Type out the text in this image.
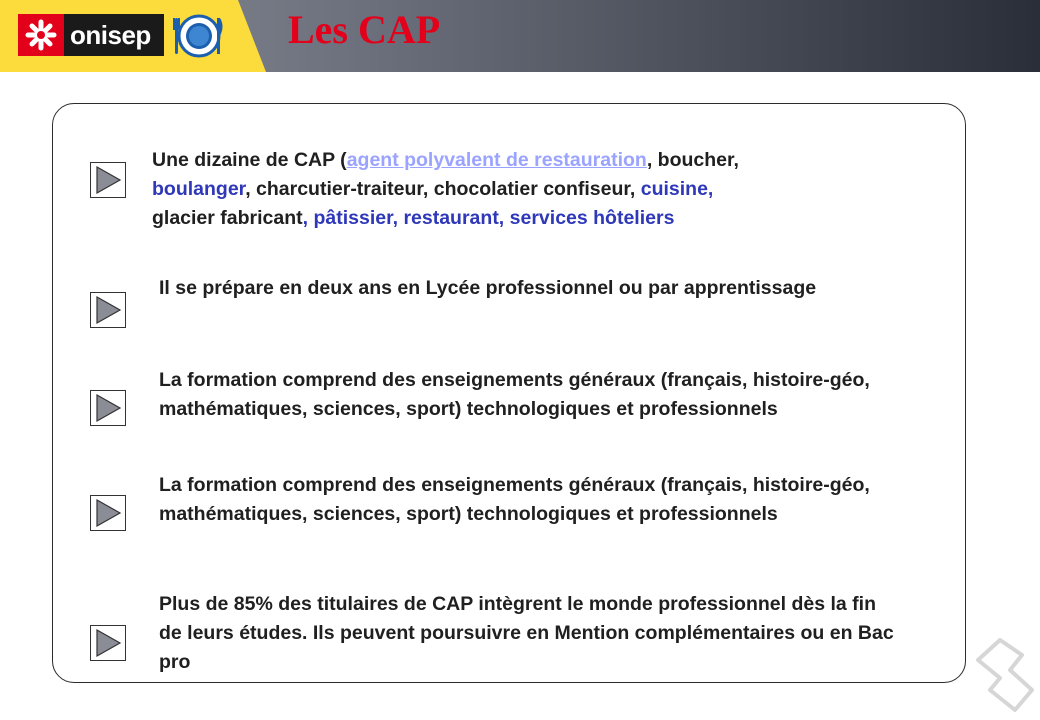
onisep	Les CAP

Une dizaine de CAP (agent polyvalent de restauration, boucher,
boulanger, charcutier-traiteur, chocolatier confiseur, cuisine,
glacier fabricant, pâtissier, restaurant, services hôteliers

Il se prépare en deux ans en Lycée professionnel ou par apprentissage

La formation comprend des enseignements généraux (français, histoire-géo, mathématiques, sciences, sport) technologiques et professionnels

La formation comprend des enseignements généraux (français, histoire-géo, mathématiques, sciences, sport) technologiques et professionnels

Plus de 85% des titulaires de CAP intègrent le monde professionnel dès la fin de leurs études. Ils peuvent poursuivre en Mention complémentaires ou en Bac pro
